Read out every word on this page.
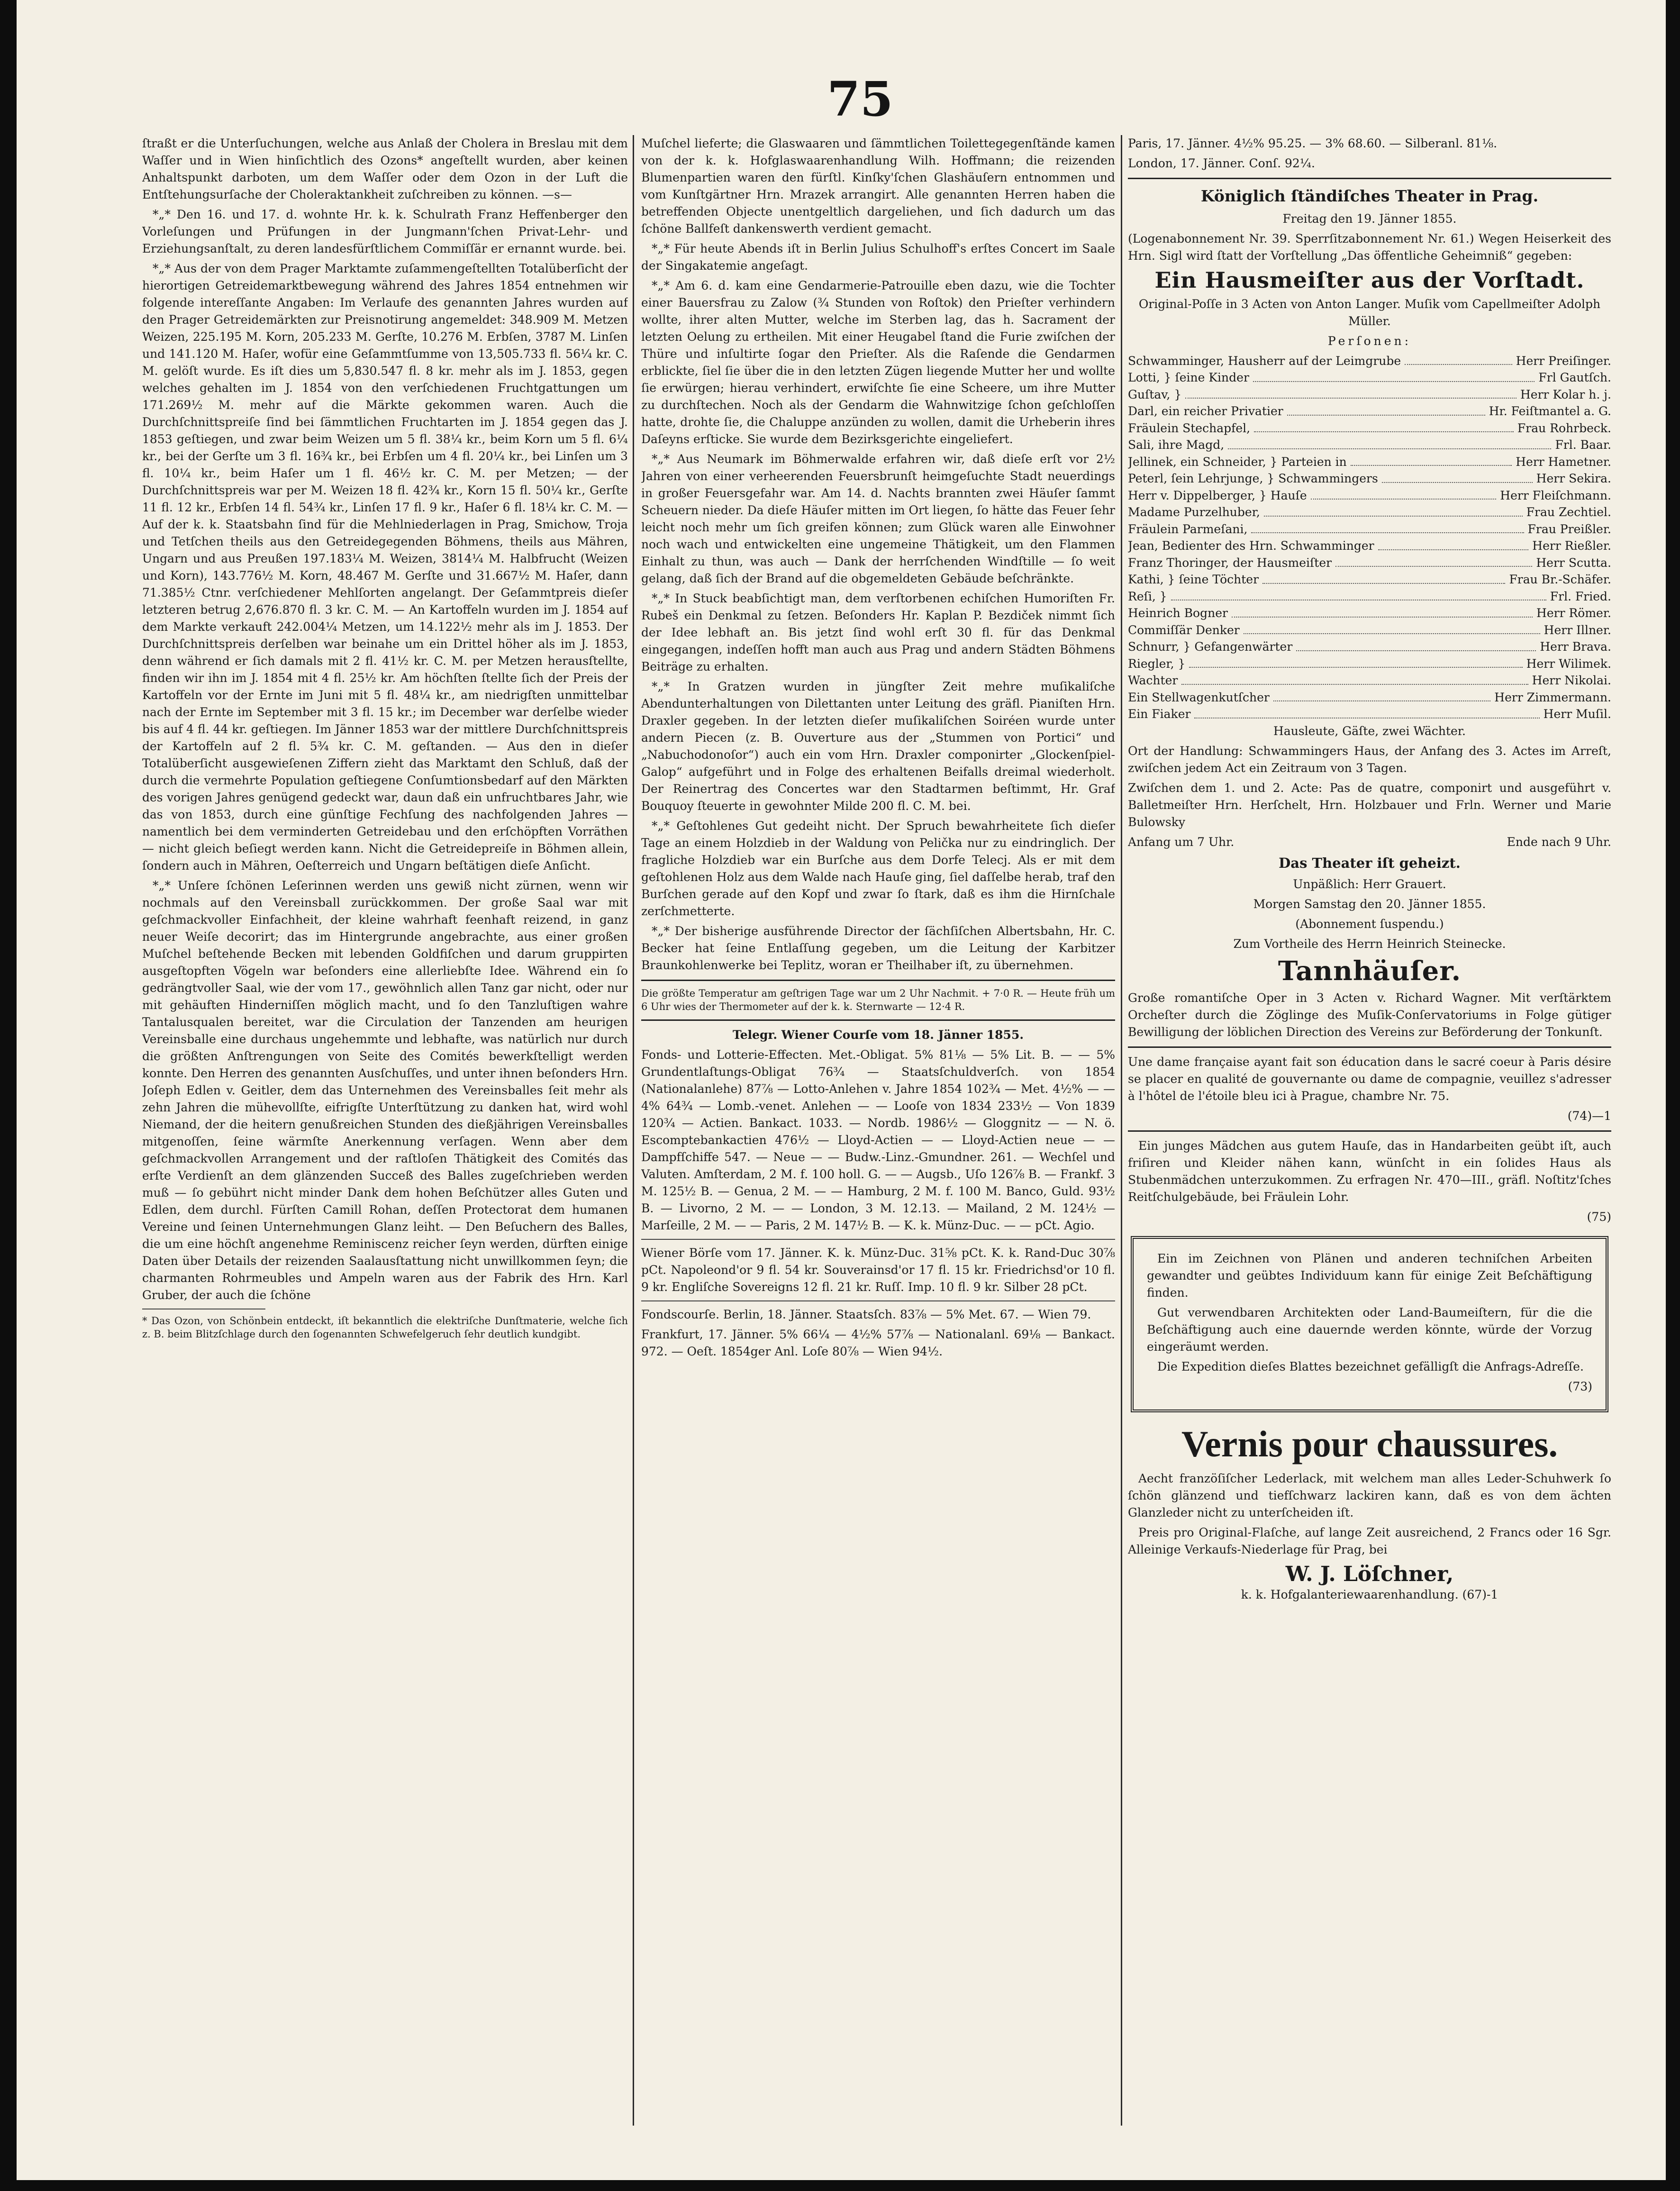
75

ſtraßt er die Unterſuchungen, welche aus Anlaß der Cholera in Breslau mit dem Waſſer und in Wien hinſichtlich des Ozons* angeſtellt wurden, aber keinen Anhaltspunkt darboten, um dem Waſſer oder dem Ozon in der Luft die Entſtehungsurſache der Choleraktankheit zuſchreiben zu können. —s—

*„* Den 16. und 17. d. wohnte Hr. k. k. Schulrath Franz Heffenberger den Vorleſungen und Prüfungen in der Jungmann'ſchen Privat-Lehr- und Erziehungsanſtalt, zu deren landesfürſtlichem Commiſſär er ernannt wurde. bei.

*„* Aus der von dem Prager Marktamte zuſammengeſtellten Totalüberſicht der hierortigen Getreidemarktbewegung während des Jahres 1854 entnehmen wir folgende intereſſante Angaben: Im Verlaufe des genannten Jahres wurden auf den Prager Getreidemärkten zur Preisnotirung angemeldet: 348.909 M. Metzen Weizen, 225.195 M. Korn, 205.233 M. Gerſte, 10.276 M. Erbſen, 3787 M. Linſen und 141.120 M. Haſer, wofür eine Geſammtſumme von 13,505.733 fl. 56¼ kr. C. M. gelöſt wurde. Es iſt dies um 5,830.547 fl. 8 kr. mehr als im J. 1853, gegen welches gehalten im J. 1854 von den verſchiedenen Fruchtgattungen um 171.269½ M. mehr auf die Märkte gekommen waren. Auch die Durchſchnittspreiſe ſind bei ſämmtlichen Fruchtarten im J. 1854 gegen das J. 1853 geſtiegen, und zwar beim Weizen um 5 fl. 38¼ kr., beim Korn um 5 fl. 6¼ kr., bei der Gerſte um 3 fl. 16¾ kr., bei Erbſen um 4 fl. 20¼ kr., bei Linſen um 3 fl. 10¼ kr., beim Haſer um 1 fl. 46½ kr. C. M. per Metzen; — der Durchſchnittspreis war per M. Weizen 18 fl. 42¾ kr., Korn 15 fl. 50¼ kr., Gerſte 11 fl. 12 kr., Erbſen 14 fl. 54¾ kr., Linſen 17 fl. 9 kr., Haſer 6 fl. 18¼ kr. C. M. — Auf der k. k. Staatsbahn ſind für die Mehlniederlagen in Prag, Smichow, Troja und Tetſchen theils aus den Getreidegegenden Böhmens, theils aus Mähren, Ungarn und aus Preußen 197.183¼ M. Weizen, 3814¼ M. Halbfrucht (Weizen und Korn), 143.776½ M. Korn, 48.467 M. Gerſte und 31.667½ M. Haſer, dann 71.385½ Ctnr. verſchiedener Mehlſorten angelangt. Der Geſammtpreis dieſer letzteren betrug 2,676.870 fl. 3 kr. C. M. — An Kartoffeln wurden im J. 1854 auf dem Markte verkauft 242.004¼ Metzen, um 14.122½ mehr als im J. 1853. Der Durchſchnittspreis derſelben war beinahe um ein Drittel höher als im J. 1853, denn während er ſich damals mit 2 fl. 41½ kr. C. M. per Metzen herausſtellte, finden wir ihn im J. 1854 mit 4 fl. 25½ kr. Am höchſten ſtellte ſich der Preis der Kartoffeln vor der Ernte im Juni mit 5 fl. 48¼ kr., am niedrigſten unmittelbar nach der Ernte im September mit 3 fl. 15 kr.; im December war derſelbe wieder bis auf 4 fl. 44 kr. geſtiegen. Im Jänner 1853 war der mittlere Durchſchnittspreis der Kartoffeln auf 2 fl. 5¾ kr. C. M. geſtanden. — Aus den in dieſer Totalüberſicht ausgewieſenen Ziffern zieht das Marktamt den Schluß, daß der durch die vermehrte Population geſtiegene Conſumtionsbedarf auf den Märkten des vorigen Jahres genügend gedeckt war, daun daß ein unfruchtbares Jahr, wie das von 1853, durch eine günſtige Fechſung des nachfolgenden Jahres — namentlich bei dem verminderten Getreidebau und den erſchöpften Vorräthen — nicht gleich beſiegt werden kann. Nicht die Getreidepreiſe in Böhmen allein, ſondern auch in Mähren, Oeſterreich und Ungarn beſtätigen dieſe Anſicht.

*„* Unſere ſchönen Leſerinnen werden uns gewiß nicht zürnen, wenn wir nochmals auf den Vereinsball zurückkommen. Der große Saal war mit geſchmackvoller Einfachheit, der kleine wahrhaft feenhaft reizend, in ganz neuer Weiſe decorirt; das im Hintergrunde angebrachte, aus einer großen Muſchel beſtehende Becken mit lebenden Goldfiſchen und darum gruppirten ausgeſtopften Vögeln war beſonders eine allerliebſte Idee. Während ein ſo gedrängtvoller Saal, wie der vom 17., gewöhnlich allen Tanz gar nicht, oder nur mit gehäuften Hinderniſſen möglich macht, und ſo den Tanzluſtigen wahre Tantalusqualen bereitet, war die Circulation der Tanzenden am heurigen Vereinsballe eine durchaus ungehemmte und lebhafte, was natürlich nur durch die größten Anſtrengungen von Seite des Comités bewerkſtelligt werden konnte. Den Herren des genannten Ausſchuſſes, und unter ihnen beſonders Hrn. Joſeph Edlen v. Geitler, dem das Unternehmen des Vereinsballes ſeit mehr als zehn Jahren die mühevollſte, eifrigſte Unterſtützung zu danken hat, wird wohl Niemand, der die heitern genußreichen Stunden des dießjährigen Vereinsballes mitgenoſſen, ſeine wärmſte Anerkennung verſagen. Wenn aber dem geſchmackvollen Arrangement und der raſtloſen Thätigkeit des Comités das erſte Verdienſt an dem glänzenden Succeß des Balles zugeſchrieben werden muß — ſo gebührt nicht minder Dank dem hohen Beſchützer alles Guten und Edlen, dem durchl. Fürſten Camill Rohan, deſſen Protectorat dem humanen Vereine und ſeinen Unternehmungen Glanz leiht. — Den Beſuchern des Balles, die um eine höchſt angenehme Reminiscenz reicher ſeyn werden, dürften einige Daten über Details der reizenden Saalausſtattung nicht unwillkommen ſeyn; die charmanten Rohrmeubles und Ampeln waren aus der Fabrik des Hrn. Karl Gruber, der auch die ſchöne

* Das Ozon, von Schönbein entdeckt, iſt bekanntlich die elektriſche Dunſtmaterie, welche ſich z. B. beim Blitzſchlage durch den ſogenannten Schwefelgeruch ſehr deutlich kundgibt.

Muſchel lieferte; die Glaswaaren und ſämmtlichen Toilettegegenſtände kamen von der k. k. Hofglaswaarenhandlung Wilh. Hoffmann; die reizenden Blumenpartien waren den fürſtl. Kinſky'ſchen Glashäuſern entnommen und vom Kunſtgärtner Hrn. Mrazek arrangirt. Alle genannten Herren haben die betreffenden Objecte unentgeltlich dargeliehen, und ſich dadurch um das ſchöne Ballfeſt dankenswerth verdient gemacht.

*„* Für heute Abends iſt in Berlin Julius Schulhoff's erſtes Concert im Saale der Singakatemie angeſagt.

*„* Am 6. d. kam eine Gendarmerie-Patrouille eben dazu, wie die Tochter einer Bauersfrau zu Zalow (¾ Stunden von Roſtok) den Prieſter verhindern wollte, ihrer alten Mutter, welche im Sterben lag, das h. Sacrament der letzten Oelung zu ertheilen. Mit einer Heugabel ſtand die Furie zwiſchen der Thüre und inſultirte ſogar den Prieſter. Als die Raſende die Gendarmen erblickte, ſiel ſie über die in den letzten Zügen liegende Mutter her und wollte ſie erwürgen; hierau verhindert, erwiſchte ſie eine Scheere, um ihre Mutter zu durchſtechen. Noch als der Gendarm die Wahnwitzige ſchon geſchloſſen hatte, drohte ſie, die Chaluppe anzünden zu wollen, damit die Urheberin ihres Daſeyns erſticke. Sie wurde dem Bezirksgerichte eingeliefert.

*„* Aus Neumark im Böhmerwalde erfahren wir, daß dieſe erſt vor 2½ Jahren von einer verheerenden Feuersbrunſt heimgeſuchte Stadt neuerdings in großer Feuersgefahr war. Am 14. d. Nachts brannten zwei Häuſer ſammt Scheuern nieder. Da dieſe Häuſer mitten im Ort liegen, ſo hätte das Feuer ſehr leicht noch mehr um ſich greifen können; zum Glück waren alle Einwohner noch wach und entwickelten eine ungemeine Thätigkeit, um den Flammen Einhalt zu thun, was auch — Dank der herrſchenden Windſtille — ſo weit gelang, daß ſich der Brand auf die obgemeldeten Gebäude beſchränkte.

*„* In Stuck beabſichtigt man, dem verſtorbenen echiſchen Humoriſten Fr. Rubeš ein Denkmal zu ſetzen. Beſonders Hr. Kaplan P. Bezdiček nimmt ſich der Idee lebhaft an. Bis jetzt ſind wohl erſt 30 fl. für das Denkmal eingegangen, indeſſen hofft man auch aus Prag und andern Städten Böhmens Beiträge zu erhalten.

*„* In Gratzen wurden in jüngſter Zeit mehre muſikaliſche Abendunterhaltungen von Dilettanten unter Leitung des gräfl. Pianiſten Hrn. Draxler gegeben. In der letzten dieſer muſikaliſchen Soiréen wurde unter andern Piecen (z. B. Ouverture aus der „Stummen von Portici“ und „Nabuchodonoſor“) auch ein vom Hrn. Draxler componirter „Glockenſpiel-Galop“ aufgeführt und in Folge des erhaltenen Beifalls dreimal wiederholt. Der Reinertrag des Concertes war den Stadtarmen beſtimmt, Hr. Graf Bouquoy ſteuerte in gewohnter Milde 200 fl. C. M. bei.

*„* Geſtohlenes Gut gedeiht nicht. Der Spruch bewahrheitete ſich dieſer Tage an einem Holzdieb in der Waldung von Pelička nur zu eindringlich. Der fragliche Holzdieb war ein Burſche aus dem Dorfe Telecj. Als er mit dem geſtohlenen Holz aus dem Walde nach Hauſe ging, ſiel daſſelbe herab, traf den Burſchen gerade auf den Kopf und zwar ſo ſtark, daß es ihm die Hirnſchale zerſchmetterte.

*„* Der bisherige ausführende Director der ſächſiſchen Albertsbahn, Hr. C. Becker hat ſeine Entlaſſung gegeben, um die Leitung der Karbitzer Braunkohlenwerke bei Teplitz, woran er Theilhaber iſt, zu übernehmen.

Die größte Temperatur am geſtrigen Tage war um 2 Uhr Nachmit. + 7·0 R. — Heute früh um 6 Uhr wies der Thermometer auf der k. k. Sternwarte — 12·4 R.

Telegr. Wiener Courſe vom 18. Jänner 1855.

Fonds- und Lotterie-Effecten. Met.-Obligat. 5% 81⅛ — 5% Lit. B. — — 5% Grundentlaſtungs-Obligat 76¾ — Staatsſchuldverſch. von 1854 (Nationalanlehe) 87⅞ — Lotto-Anlehen v. Jahre 1854 102¾ — Met. 4½% — — 4% 64¾ — Lomb.-venet. Anlehen — — Looſe von 1834 233½ — Von 1839 120¾ — Actien. Bankact. 1033. — Nordb. 1986½ — Gloggnitz — — N. ö. Escomptebankactien 476½ — Lloyd-Actien — — Lloyd-Actien neue — — Dampfſchiffe 547. — Neue — — Budw.-Linz.-Gmundner. 261. — Wechſel und Valuten. Amſterdam, 2 M. f. 100 holl. G. — — Augsb., Uſo 126⅞ B. — Frankf. 3 M. 125½ B. — Genua, 2 M. — — Hamburg, 2 M. f. 100 M. Banco, Guld. 93½ B. — Livorno, 2 M. — — London, 3 M. 12.13. — Mailand, 2 M. 124½ — Marſeille, 2 M. — — Paris, 2 M. 147½ B. — K. k. Münz-Duc. — — pCt. Agio.

Wiener Börſe vom 17. Jänner. K. k. Münz-Duc. 31⅝ pCt. K. k. Rand-Duc 30⅞ pCt. Napoleond'or 9 fl. 54 kr. Souverainsd'or 17 fl. 15 kr. Friedrichsd'or 10 fl. 9 kr. Engliſche Sovereigns 12 fl. 21 kr. Ruſſ. Imp. 10 fl. 9 kr. Silber 28 pCt.

Fondscourſe. Berlin, 18. Jänner. Staatsſch. 83⅞ — 5% Met. 67. — Wien 79.

Frankfurt, 17. Jänner. 5% 66¼ — 4½% 57⅞ — Nationalanl. 69⅛ — Bankact. 972. — Oeſt. 1854ger Anl. Loſe 80⅞ — Wien 94½.

Paris, 17. Jänner. 4½% 95.25. — 3% 68.60. — Silberanl. 81⅛.

London, 17. Jänner. Conſ. 92¼.

Königlich ſtändiſches Theater in Prag.

Freitag den 19. Jänner 1855.

(Logenabonnement Nr. 39. Sperrſitzabonnement Nr. 61.) Wegen Heiserkeit des Hrn. Sigl wird ſtatt der Vorſtellung „Das öffentliche Geheimniß“ gegeben:

Ein Hausmeiſter aus der Vorſtadt.

Original-Poſſe in 3 Acten von Anton Langer. Muſik vom Capellmeiſter Adolph Müller.

Perſonen:

Schwamminger, Hausherr auf der Leimgrube	Herr Preiſinger.
Lotti, } ſeine Kinder	Frl Gautſch.
Guſtav, }	Herr Kolar h. j.
Darl, ein reicher Privatier	Hr. Feiſtmantel a. G.
Fräulein Stechapfel,	Frau Rohrbeck.
Sali, ihre Magd,	Frl. Baar.
Jellinek, ein Schneider, } Parteien in	Herr Hametner.
Peterl, ſein Lehrjunge, } Schwammingers	Herr Sekira.
Herr v. Dippelberger, } Hauſe	Herr Fleiſchmann.
Madame Purzelhuber,	Frau Zechtiel.
Fräulein Parmeſani,	Frau Preißler.
Jean, Bedienter des Hrn. Schwamminger	Herr Rießler.
Franz Thoringer, der Hausmeiſter	Herr Scutta.
Kathi, } ſeine Töchter	Frau Br.-Schäfer.
Reſi, }	Frl. Fried.
Heinrich Bogner	Herr Römer.
Commiſſär Denker	Herr Illner.
Schnurr, } Gefangenwärter	Herr Brava.
Riegler, }	Herr Wilimek.
Wachter	Herr Nikolai.
Ein Stellwagenkutſcher	Herr Zimmermann.
Ein Fiaker	Herr Muſil.

Hausleute, Gäſte, zwei Wächter.

Ort der Handlung: Schwammingers Haus, der Anfang des 3. Actes im Arreſt, zwiſchen jedem Act ein Zeitraum von 3 Tagen.

Zwiſchen dem 1. und 2. Acte: Pas de quatre, componirt und ausgeführt v. Balletmeiſter Hrn. Herſchelt, Hrn. Holzbauer und Frln. Werner und Marie Bulowsky

Anfang um 7 Uhr.	Ende nach 9 Uhr.

Das Theater iſt geheizt.

Unpäßlich: Herr Grauert.

Morgen Samstag den 20. Jänner 1855.

(Abonnement ſuspendu.)

Zum Vortheile des Herrn Heinrich Steinecke.

Tannhäuſer.

Große romantiſche Oper in 3 Acten v. Richard Wagner. Mit verſtärktem Orcheſter durch die Zöglinge des Muſik-Conſervatoriums in Folge gütiger Bewilligung der löblichen Direction des Vereins zur Beförderung der Tonkunſt.

Une dame française ayant fait son éducation dans le sacré coeur à Paris désire se placer en qualité de gouvernante ou dame de compagnie, veuillez s'adresser à l'hôtel de l'étoile bleu ici à Prague, chambre Nr. 75.

(74)—1

Ein junges Mädchen aus gutem Hauſe, das in Handarbeiten geübt iſt, auch friſiren und Kleider nähen kann, wünſcht in ein ſolides Haus als Stubenmädchen unterzukommen. Zu erfragen Nr. 470—III., gräfl. Noſtitz'ſches Reitſchulgebäude, bei Fräulein Lohr.

(75)

Ein im Zeichnen von Plänen und anderen techniſchen Arbeiten gewandter und geübtes Individuum kann für einige Zeit Beſchäftigung finden.

Gut verwendbaren Architekten oder Land-Baumeiſtern, für die die Beſchäftigung auch eine dauernde werden könnte, würde der Vorzug eingeräumt werden.

Die Expedition dieſes Blattes bezeichnet gefälligſt die Anfrags-Adreſſe.

(73)

Vernis pour chaussures.

Aecht franzöſiſcher Lederlack, mit welchem man alles Leder-Schuhwerk ſo ſchön glänzend und tiefſchwarz lackiren kann, daß es von dem ächten Glanzleder nicht zu unterſcheiden iſt.

Preis pro Original-Flaſche, auf lange Zeit ausreichend, 2 Francs oder 16 Sgr. Alleinige Verkaufs-Niederlage für Prag, bei

W. J. Löſchner,

k. k. Hofgalanteriewaarenhandlung. (67)-1
